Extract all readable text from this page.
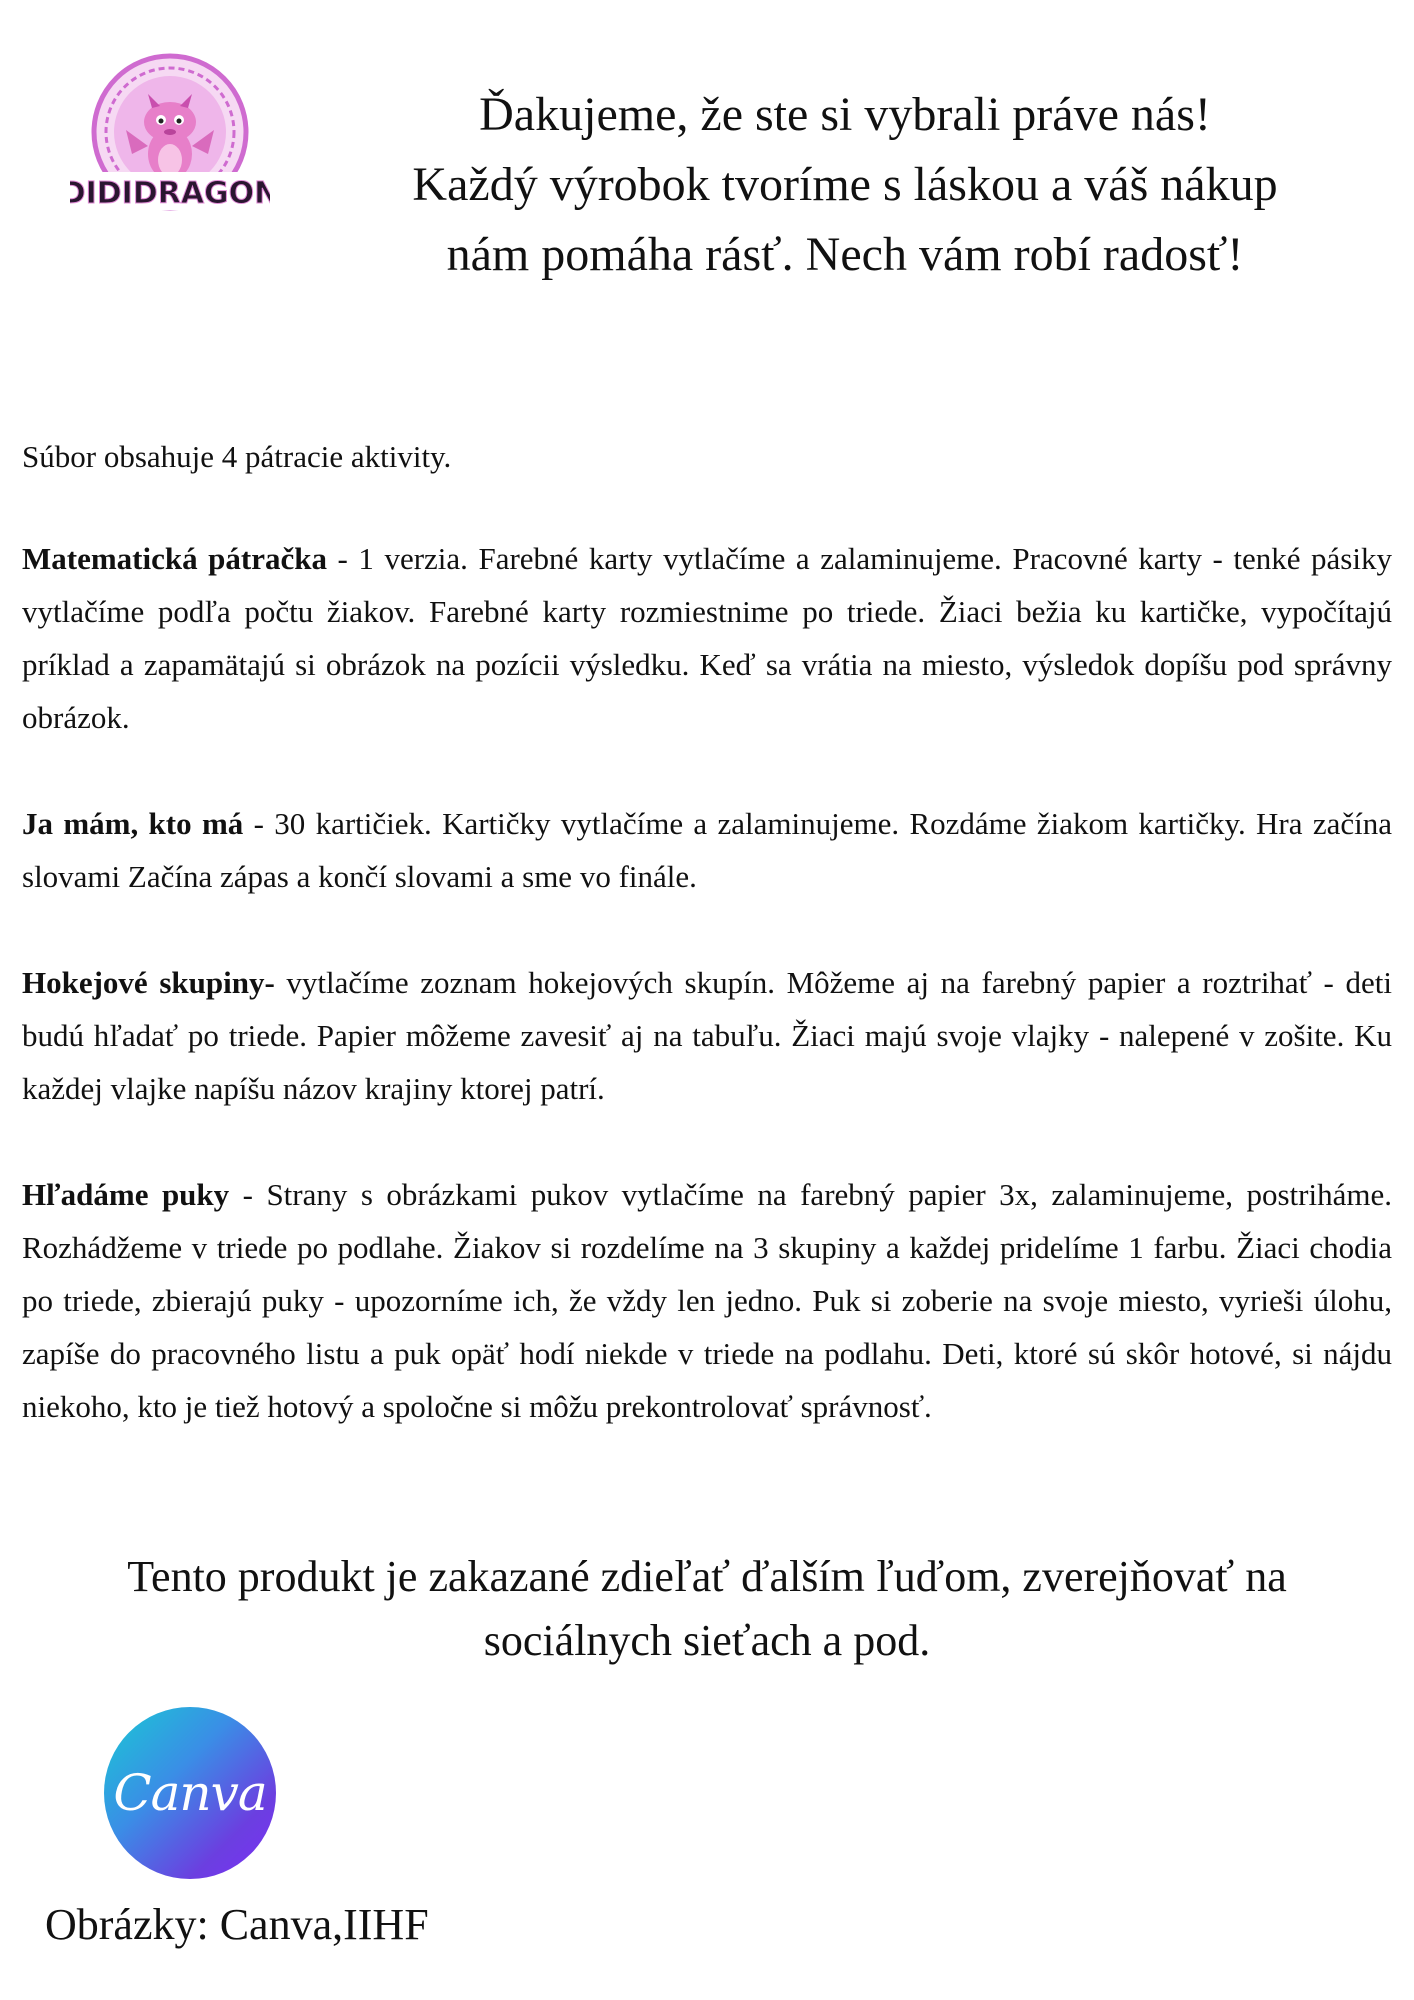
DIDIDRAGON
Ďakujeme, že ste si vybrali práve nás!
Každý výrobok tvoríme s láskou a váš nákup
nám pomáha rásť. Nech vám robí radosť!
Súbor obsahuje 4 pátracie aktivity.

Matematická pátračka - 1 verzia. Farebné karty vytlačíme a zalaminujeme. Pracovné karty - tenké pásiky vytlačíme podľa počtu žiakov. Farebné karty rozmiestnime po triede. Žiaci bežia ku kartičke, vypočítajú príklad a zapamätajú si obrázok na pozícii výsledku. Keď sa vrátia na miesto, výsledok dopíšu pod správny obrázok.

Ja mám, kto má - 30 kartičiek. Kartičky vytlačíme a zalaminujeme. Rozdáme žiakom kartičky. Hra začína slovami Začína zápas a končí slovami a sme vo finále.

Hokejové skupiny- vytlačíme zoznam hokejových skupín. Môžeme aj na farebný papier a roztrihať - deti budú hľadať po triede. Papier môžeme zavesiť aj na tabuľu. Žiaci majú svoje vlajky - nalepené v zošite. Ku každej vlajke napíšu názov krajiny ktorej patrí.

Hľadáme puky - Strany s obrázkami pukov vytlačíme na farebný papier 3x, zalaminujeme, postriháme. Rozhádžeme v triede po podlahe. Žiakov si rozdelíme na 3 skupiny a každej pridelíme 1 farbu. Žiaci chodia po triede, zbierajú puky - upozorníme ich, že vždy len jedno. Puk si zoberie na svoje miesto, vyrieši úlohu, zapíše do pracovného listu a puk opäť hodí niekde v triede na podlahu. Deti, ktoré sú skôr hotové, si nájdu niekoho, kto je tiež hotový a spoločne si môžu prekontrolovať správnosť.

Tento produkt je zakazané zdieľať ďalším ľuďom, zverejňovať na
sociálnych sieťach a pod.
Canva
Obrázky: Canva,IIHF
